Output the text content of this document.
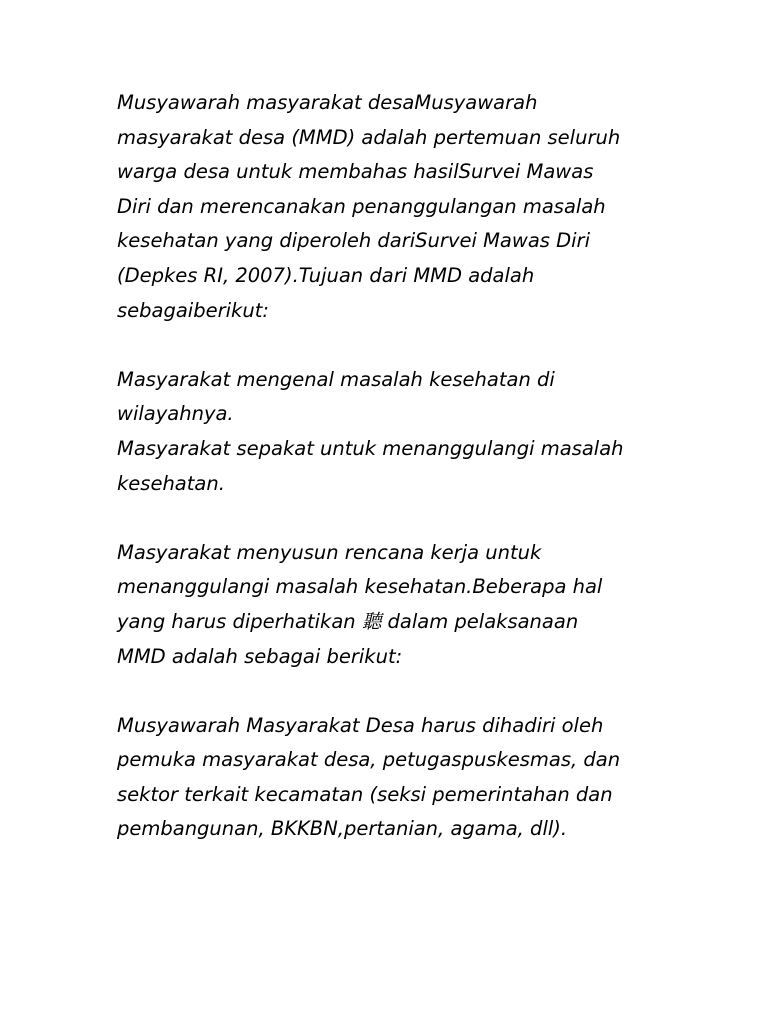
Musyawarah masyarakat desaMusyawarah
masyarakat desa (MMD) adalah pertemuan seluruh
warga desa untuk membahas hasilSurvei Mawas
Diri dan merencanakan penanggulangan masalah
kesehatan yang diperoleh dariSurvei Mawas Diri
(Depkes RI, 2007).Tujuan dari MMD adalah
sebagaiberikut:
Masyarakat mengenal masalah kesehatan di
wilayahnya.
Masyarakat sepakat untuk menanggulangi masalah
kesehatan.
Masyarakat menyusun rencana kerja untuk
menanggulangi masalah kesehatan.Beberapa hal
yang harus diperhatikan 聽 dalam pelaksanaan
MMD adalah sebagai berikut:
Musyawarah Masyarakat Desa harus dihadiri oleh
pemuka masyarakat desa, petugaspuskesmas, dan
sektor terkait kecamatan (seksi pemerintahan dan
pembangunan, BKKBN,pertanian, agama, dll).
